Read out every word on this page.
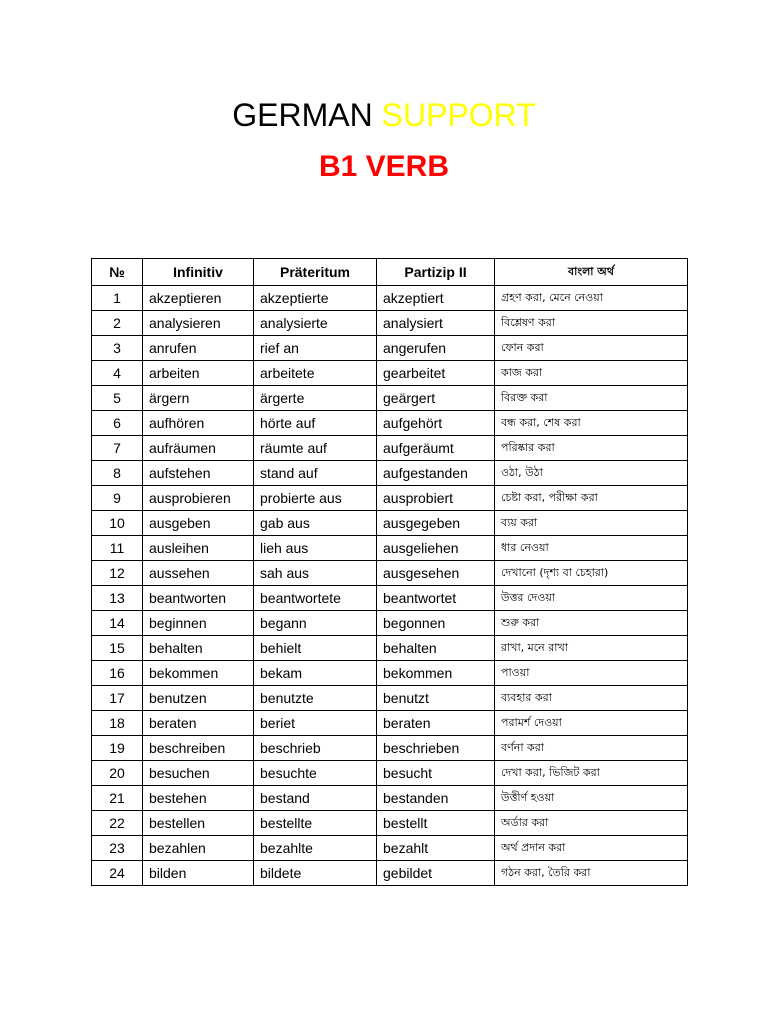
GERMAN SUPPORT
B1 VERB
№	Infinitiv	Präteritum	Partizip II	বাংলা অর্থ
1	akzeptieren	akzeptierte	akzeptiert	গ্রহণ করা, মেনে নেওয়া
2	analysieren	analysierte	analysiert	বিশ্লেষণ করা
3	anrufen	rief an	angerufen	ফোন করা
4	arbeiten	arbeitete	gearbeitet	কাজ করা
5	ärgern	ärgerte	geärgert	বিরক্ত করা
6	aufhören	hörte auf	aufgehört	বন্ধ করা, শেষ করা
7	aufräumen	räumte auf	aufgeräumt	পরিষ্কার করা
8	aufstehen	stand auf	aufgestanden	ওঠা, উঠা
9	ausprobieren	probierte aus	ausprobiert	চেষ্টা করা, পরীক্ষা করা
10	ausgeben	gab aus	ausgegeben	ব্যয় করা
11	ausleihen	lieh aus	ausgeliehen	ধার নেওয়া
12	aussehen	sah aus	ausgesehen	দেখানো (দৃশ্য বা চেহারা)
13	beantworten	beantwortete	beantwortet	উত্তর দেওয়া
14	beginnen	begann	begonnen	শুরু করা
15	behalten	behielt	behalten	রাখা, মনে রাখা
16	bekommen	bekam	bekommen	পাওয়া
17	benutzen	benutzte	benutzt	ব্যবহার করা
18	beraten	beriet	beraten	পরামর্শ দেওয়া
19	beschreiben	beschrieb	beschrieben	বর্ণনা করা
20	besuchen	besuchte	besucht	দেখা করা, ভিজিট করা
21	bestehen	bestand	bestanden	উত্তীর্ণ হওয়া
22	bestellen	bestellte	bestellt	অর্ডার করা
23	bezahlen	bezahlte	bezahlt	অর্থ প্রদান করা
24	bilden	bildete	gebildet	গঠন করা, তৈরি করা
